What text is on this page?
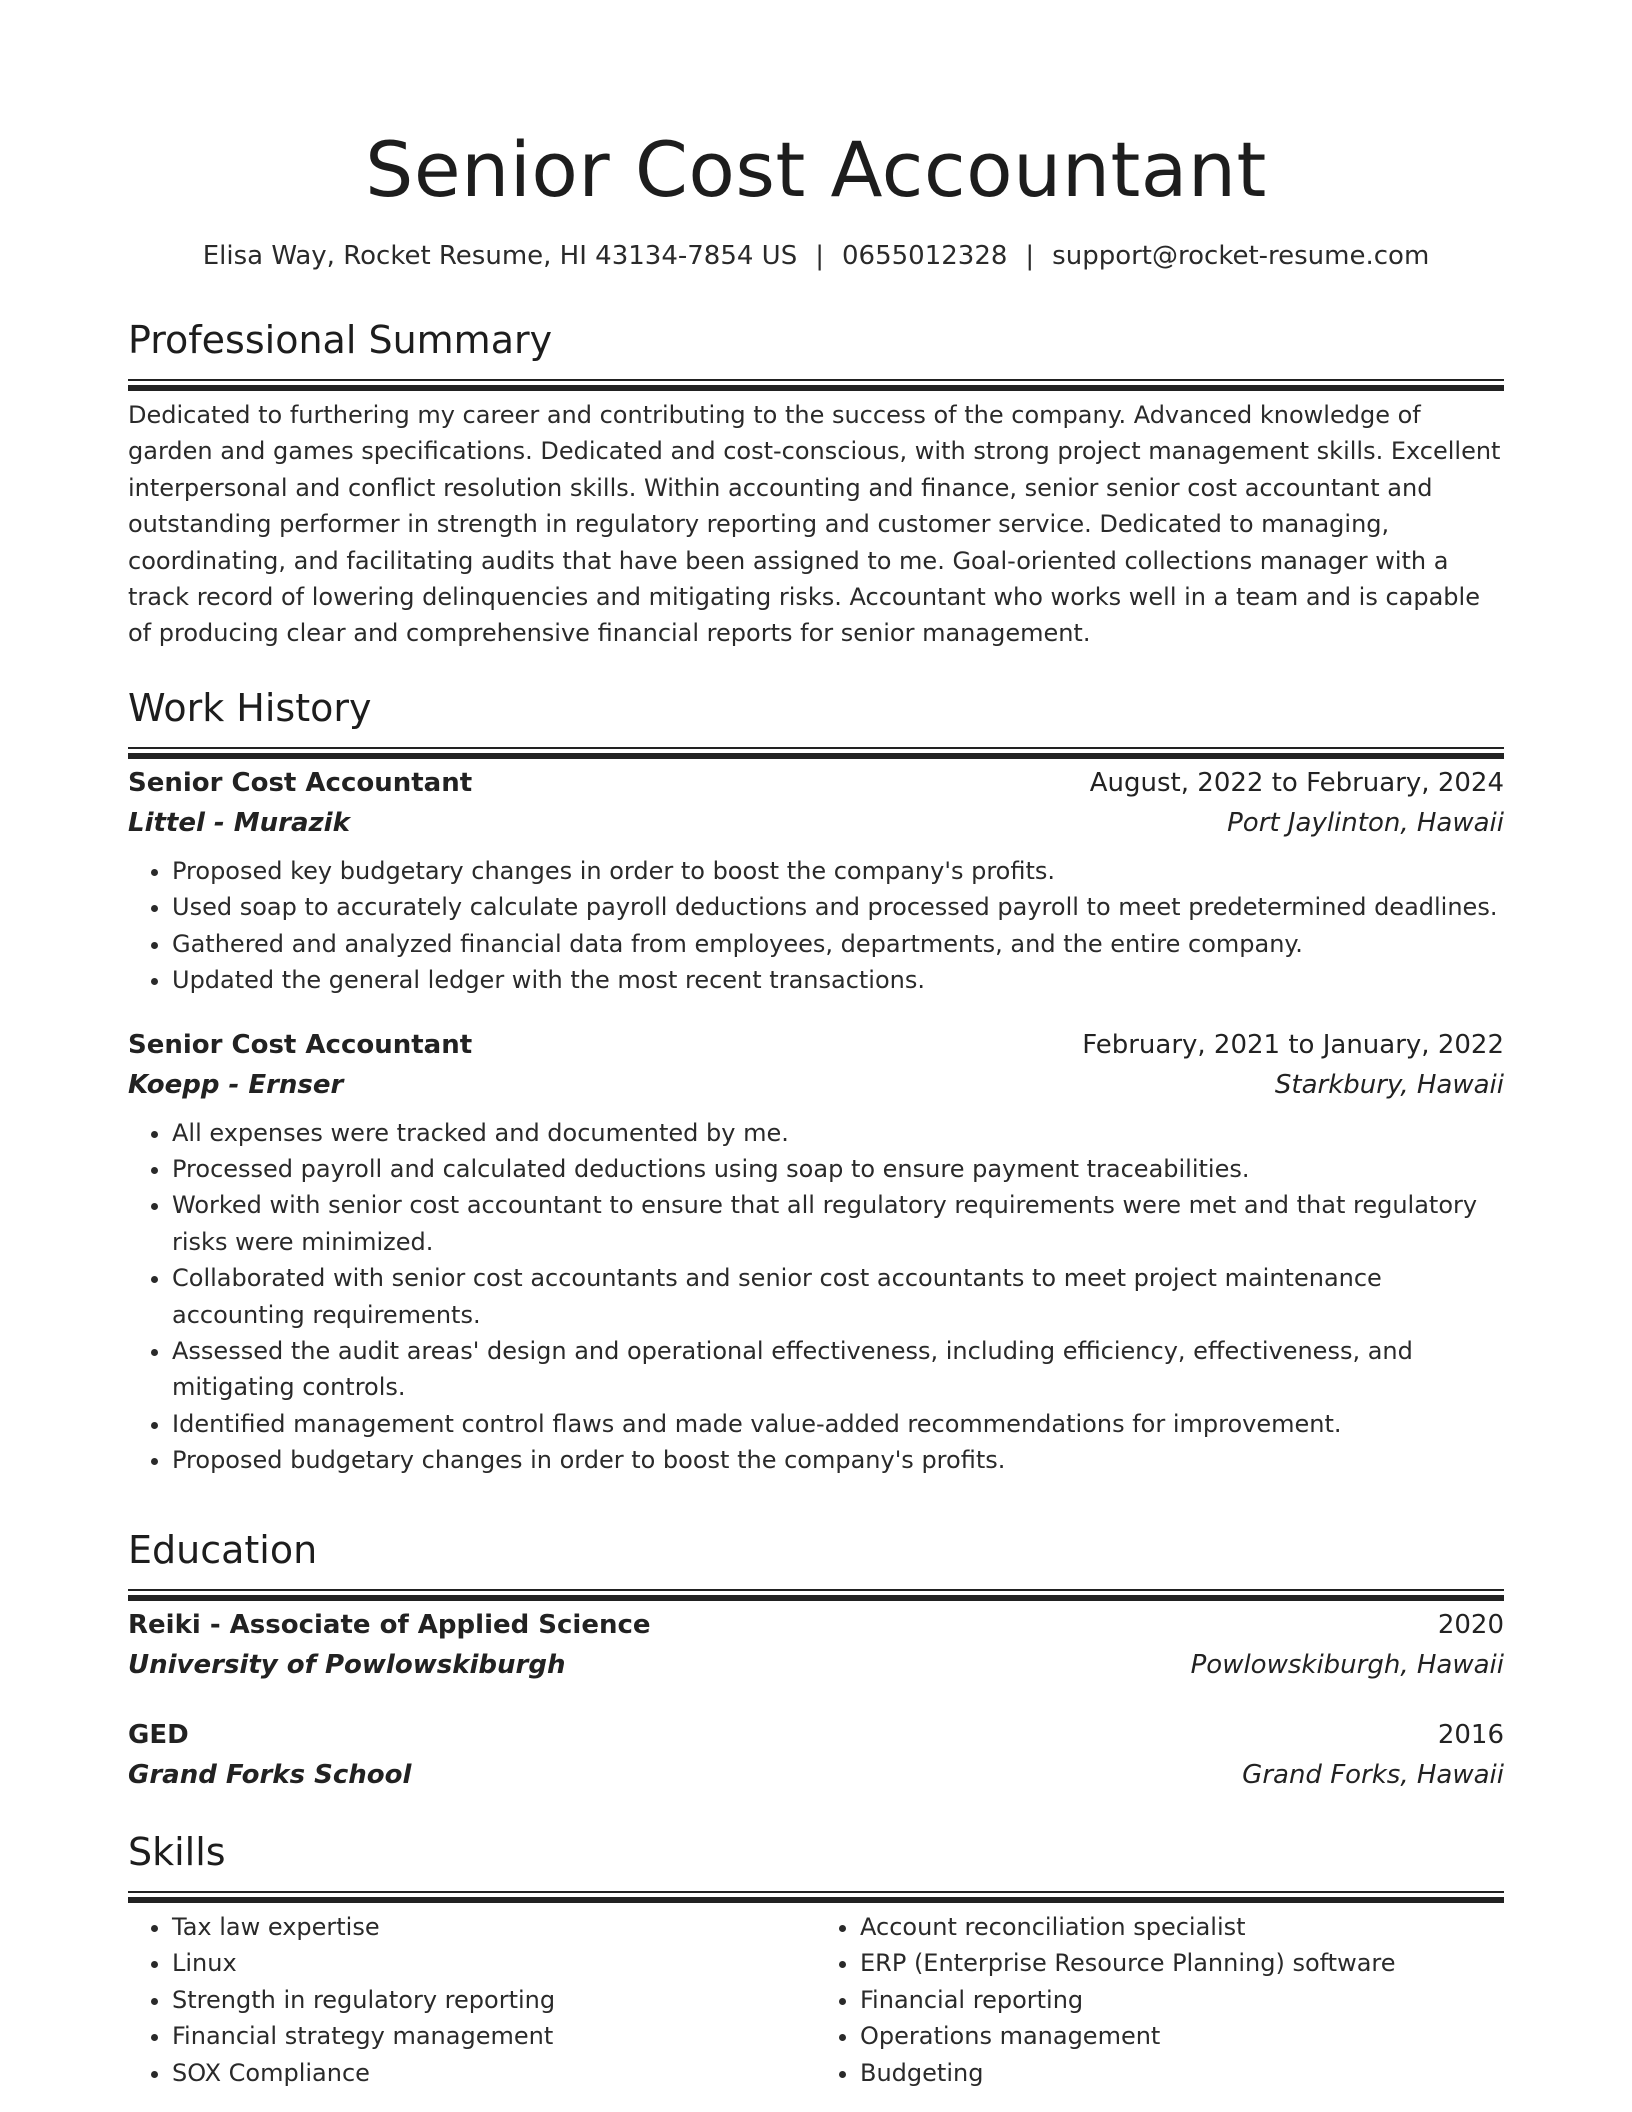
Senior Cost Accountant
Elisa Way, Rocket Resume, HI 43134-7854 US | 0655012328 | support@rocket-resume.com
Professional Summary

Dedicated to furthering my career and contributing to the success of the company. Advanced knowledge of garden and games specifications. Dedicated and cost-conscious, with strong project management skills. Excellent interpersonal and conflict resolution skills. Within accounting and finance, senior senior cost accountant and outstanding performer in strength in regulatory reporting and customer service. Dedicated to managing, coordinating, and facilitating audits that have been assigned to me. Goal-oriented collections manager with a track record of lowering delinquencies and mitigating risks. Accountant who works well in a team and is capable of producing clear and comprehensive financial reports for senior management.

Work History
Senior Cost Accountant	August, 2022 to February, 2024
Littel - Murazik	Port Jaylinton, Hawaii
• Proposed key budgetary changes in order to boost the company's profits.
• Used soap to accurately calculate payroll deductions and processed payroll to meet predetermined deadlines.
• Gathered and analyzed financial data from employees, departments, and the entire company.
• Updated the general ledger with the most recent transactions.
Senior Cost Accountant	February, 2021 to January, 2022
Koepp - Ernser	Starkbury, Hawaii
• All expenses were tracked and documented by me.
• Processed payroll and calculated deductions using soap to ensure payment traceabilities.
• Worked with senior cost accountant to ensure that all regulatory requirements were met and that regulatory risks were minimized.
• Collaborated with senior cost accountants and senior cost accountants to meet project maintenance accounting requirements.
• Assessed the audit areas' design and operational effectiveness, including efficiency, effectiveness, and mitigating controls.
• Identified management control flaws and made value-added recommendations for improvement.
• Proposed budgetary changes in order to boost the company's profits.
Education
Reiki - Associate of Applied Science	2020
University of Powlowskiburgh	Powlowskiburgh, Hawaii
GED	2016
Grand Forks School	Grand Forks, Hawaii
Skills
• Tax law expertise
• Linux
• Strength in regulatory reporting
• Financial strategy management
• SOX Compliance
• Account reconciliation specialist
• ERP (Enterprise Resource Planning) software
• Financial reporting
• Operations management
• Budgeting
